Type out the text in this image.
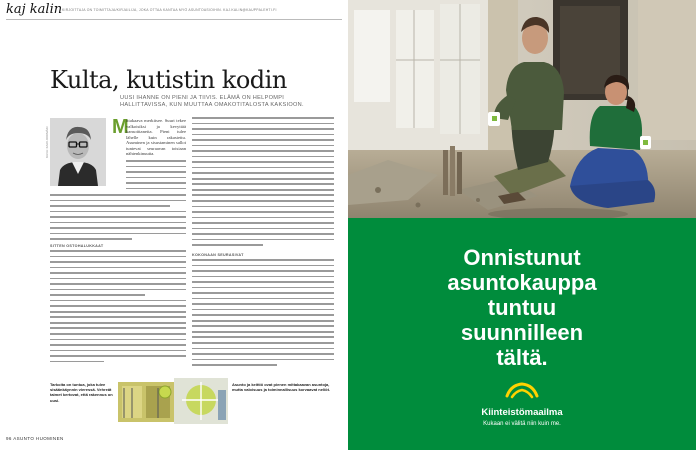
kaj kalin KIRJOITTAJA ON TOIMITTAJA/KIRJAILIJA, JOKA OTTAA KANTAA MYÖ ASUNTOASIOIHIN. KAJ.KALIN@KAUPPALEHTI.FI
Kulta, kutistin kodin
UUSI IHANNE ON PIENI JA TIIVIS. ELÄMÄ ON HELPOMPI HALLITTAVISSA, KUN MUUTTAA OMAKOTITALOSTA KAKSIOON.
KUVA: KARI JOKIMÄKI	M

ittakaava merkitsee. Suuri tekee valkoisiksi ja kevyttää kansoittaneita. Pieni tulee lähelle kuin rakastettu. Asuminen ja sisustaminen sallot tuntevat seuraavan toisiaan nähtenkinuutta.

SITTEN OSTOHALUKKAAT
KOKONAAN SEURASIVAT
Tarkoita on tuntua, joka tulee sisäänkäynnin vieressä. Vehreät taimet kertovat, että rakennus on uusi.
Asunto ja keittiö ovat pienen mittakaavan asuntoja, mutta valoisuus ja toiminnallisuus korvaavat neliöt.
96 ASUNTO HUOMINEN
Onnistunut
asuntokauppa
tuntuu
suunnilleen
tältä.
Kiinteistömaailma
Kukaan ei välitä niin kuin me.
